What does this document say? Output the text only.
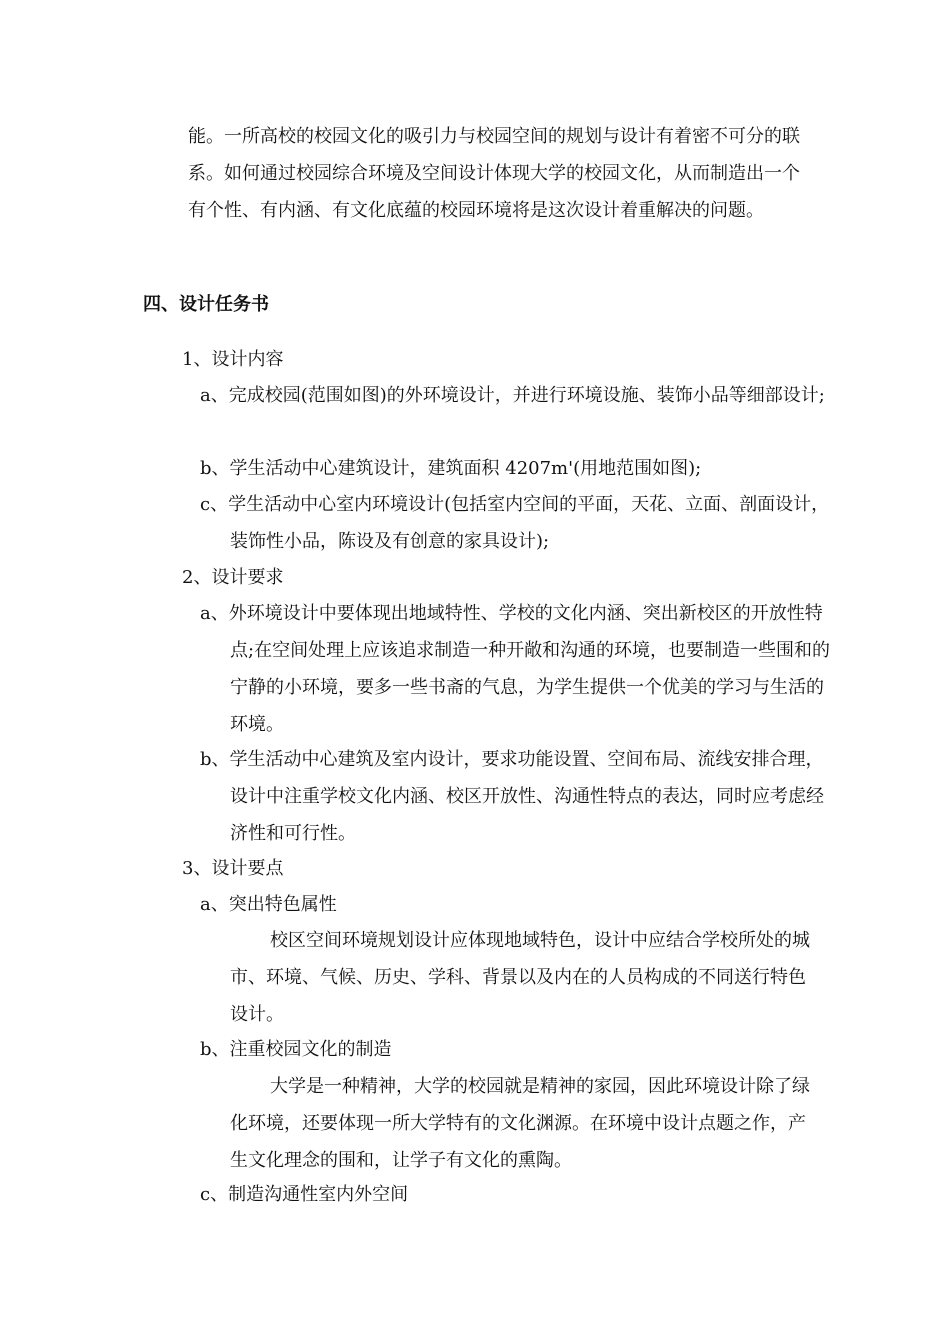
能。一所高校的校园文化的吸引力与校园空间的规划与设计有着密不可分的联系。如何通过校园综合环境及空间设计体现大学的校园文化，从而制造出一个有个性、有内涵、有文化底蕴的校园环境将是这次设计着重解决的问题。

四、设计任务书

1、设计内容

a、完成校园(范围如图)的外环境设计，并进行环境设施、装饰小品等细部设计;

b、学生活动中心建筑设计，建筑面积 4207m'(用地范围如图);

c、学生活动中心室内环境设计(包括室内空间的平面，天花、立面、剖面设计，装饰性小品，陈设及有创意的家具设计);

2、设计要求

a、外环境设计中要体现出地域特性、学校的文化内涵、突出新校区的开放性特点;在空间处理上应该追求制造一种开敞和沟通的环境，也要制造一些围和的宁静的小环境，要多一些书斋的气息，为学生提供一个优美的学习与生活的环境。

b、学生活动中心建筑及室内设计，要求功能设置、空间布局、流线安排合理，设计中注重学校文化内涵、校区开放性、沟通性特点的表达，同时应考虑经济性和可行性。

3、设计要点

a、突出特色属性

校区空间环境规划设计应体现地域特色，设计中应结合学校所处的城市、环境、气候、历史、学科、背景以及内在的人员构成的不同送行特色设计。

b、注重校园文化的制造

大学是一种精神，大学的校园就是精神的家园，因此环境设计除了绿化环境，还要体现一所大学特有的文化渊源。在环境中设计点题之作，产生文化理念的围和，让学子有文化的熏陶。

c、制造沟通性室内外空间
